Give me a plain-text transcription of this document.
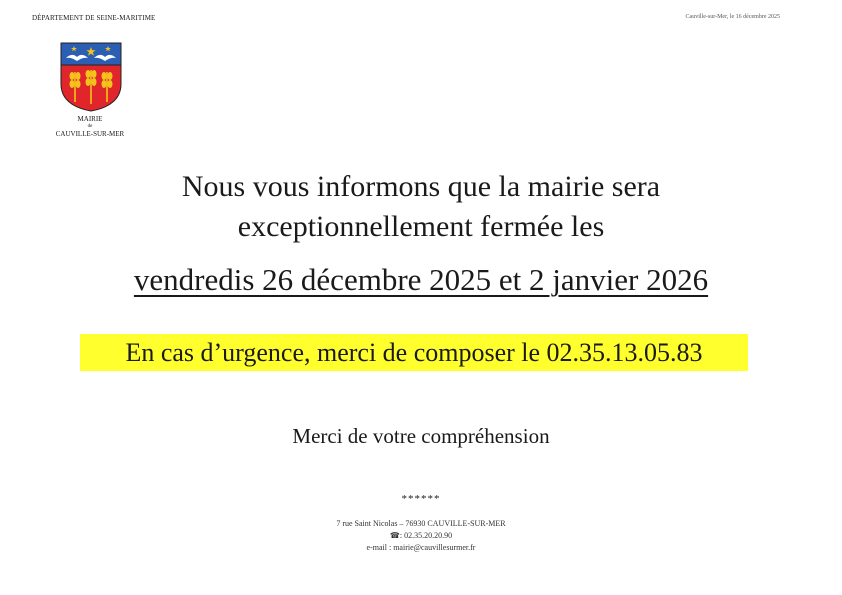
DÉPARTEMENT DE SEINE-MARITIME	Cauville-sur-Mer, le 16 décembre 2025
MAIRIE
de
CAUVILLE-SUR-MER
Nous vous informons que la mairie sera
exceptionnellement fermée les
vendredis 26 décembre 2025 et 2 janvier 2026
En cas d’urgence, merci de composer le 02.35.13.05.83
Merci de votre compréhension
******
7 rue Saint Nicolas – 76930 CAUVILLE-SUR-MER
☎: 02.35.20.20.90
e-mail : mairie@cauvillesurmer.fr
